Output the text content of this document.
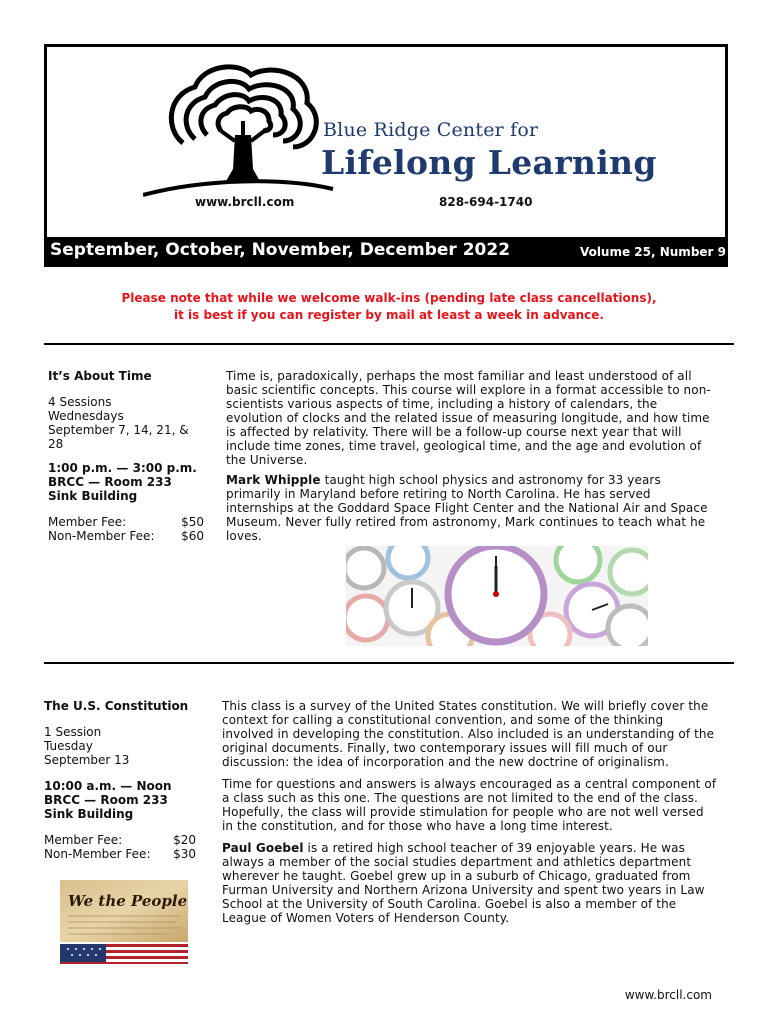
Blue Ridge Center for
Lifelong Learning
www.brcll.com	828-694-1740
September, October, November, December 2022	Volume 25, Number 9
Please note that while we welcome walk-ins (pending late class cancellations),
it is best if you can register by mail at least a week in advance.

It’s About Time

4 Sessions

Wednesdays

September 7, 14, 21, & 28

1:00 p.m. — 3:00 p.m.

BRCC — Room 233

Sink Building

Member Fee:	$50
Non-Member Fee: $60

Time is, paradoxically, perhaps the most familiar and least understood of all basic scientific concepts. This course will explore in a format accessible to non-scientists various aspects of time, including a history of calendars, the evolution of clocks and the related issue of measuring longitude, and how time is affected by relativity. There will be a follow-up course next year that will include time zones, time travel, geological time, and the age and evolution of the Universe.

Mark Whipple taught high school physics and astronomy for 33 years primarily in Maryland before retiring to North Carolina. He has served internships at the Goddard Space Flight Center and the National Air and Space Museum. Never fully retired from astronomy, Mark continues to teach what he loves.

The U.S. Constitution

1 Session

Tuesday

September 13

10:00 a.m. — Noon

BRCC — Room 233

Sink Building

Member Fee:	$20
Non-Member Fee: $30

This class is a survey of the United States constitution. We will briefly cover the context for calling a constitutional convention, and some of the thinking involved in developing the constitution. Also included is an understanding of the original documents. Finally, two contemporary issues will fill much of our discussion: the idea of incorporation and the new doctrine of originalism.

Time for questions and answers is always encouraged as a central component of a class such as this one. The questions are not limited to the end of the class. Hopefully, the class will provide stimulation for people who are not well versed in the constitution, and for those who have a long time interest.

Paul Goebel is a retired high school teacher of 39 enjoyable years. He was always a member of the social studies department and athletics department wherever he taught. Goebel grew up in a suburb of Chicago, graduated from Furman University and Northern Arizona University and spent two years in Law School at the University of South Carolina. Goebel is also a member of the League of Women Voters of Henderson County.

We the People
www.brcll.com
